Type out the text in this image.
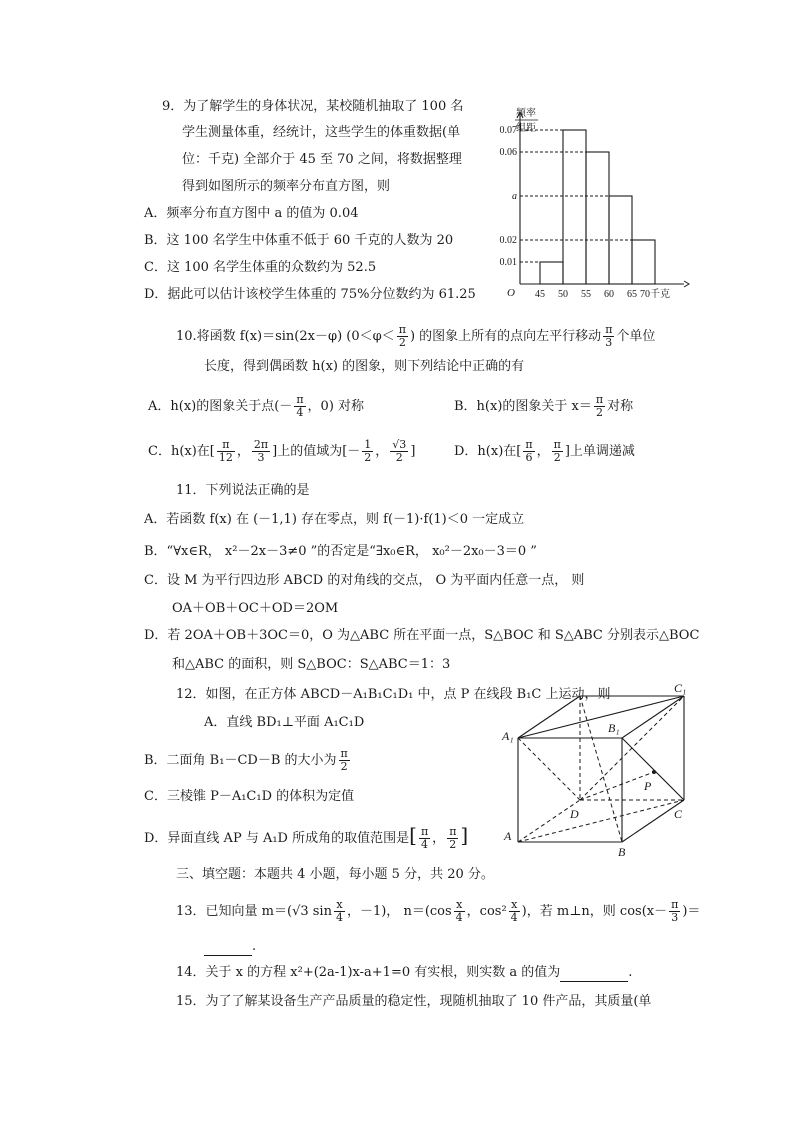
9．为了解学生的身体状况，某校随机抽取了 100 名
学生测量体重，经统计，这些学生的体重数据(单
位：千克) 全部介于 45 至 70 之间，将数据整理
得到如图所示的频率分布直方图，则
A．频率分布直方图中 a 的值为 0.04
B．这 100 名学生中体重不低于 60 千克的人数为 20
C．这 100 名学生体重的众数约为 52.5
D．据此可以估计该校学生体重的 75%分位数约为 61.25
频率
组距
0.01
0.07
0.06
a
0.02
45 50 55 60 65 70千克
O
10.将函数 f(x)＝sin(2x－φ) ($0<\varphi< \frac{\pi}{2}$ ) 的图象上所有的点向左平行移动 $\frac{\pi}{3}$ 个单位
长度，得到偶函数 h(x) 的图象，则下列结论中正确的有
A．h(x)的图象关于点(－ $\frac{\pi}{4}$ ，0) 对称	B．h(x)的图象关于 $x= \frac{\pi}{2}$ 对称
C．h(x)在[ $\frac{\pi}{12}$ ， $\frac{2\pi}{3}$ ]上的值域为[－ $\frac{1}{2}$ ， $\frac{√3}{2}$ ]	D．h(x)在[ $\frac{\pi}{6}$ ， $\frac{\pi}{2}$ ]上单调递减
11．下列说法正确的是
A．若函数 f(x) 在 (－1,1) 存在零点，则 f(－1)·f(1)＜0 一定成立
B．“∀x∈R， x²－2x－3≠0 ”的否定是“∃x₀∈R， x₀²－2x₀－3＝0 ”
C．设 M 为平行四边形 ABCD 的对角线的交点， O 为平面内任意一点， 则
OA＋OB＋OC＋OD＝2OM
D．若 2OA＋OB＋3OC＝0，O 为△ABC 所在平面一点，S△BOC 和 S△ABC 分别表示△BOC
和△ABC 的面积，则 S△BOC：S△ABC＝1：3
12．如图，在正方体 ABCD－A₁B₁C₁D₁ 中，点 P 在线段 B₁C 上运动，则
A．直线 BD₁⊥平面 A₁C₁D
B．二面角 B₁－CD－B 的大小为 $\frac{\pi}{2}$
C．三棱锥 P－A₁C₁D 的体积为定值
D．异面直线 AP 与 A₁D 所成角的取值范围是[ $\frac{\pi}{4}$ ， $\frac{\pi}{2}$ ]
A₁
B₁
C₁
A
B
C
D
P
三、填空题：本题共 4 小题，每小题 5 分，共 20 分。
13．已知向量 m＝(√3 $\sin \frac{x}{4}$ ，－1)， $n=(\cos \frac{x}{4}$ ，$\cos^2 \frac{x}{4}$ )，若 m⊥n，则 $\cos(x- \frac{\pi}{3}$ )＝
.
14．关于 x 的方程 x²+(2a-1)x-a+1=0 有实根，则实数 a 的值为	.
15．为了了解某设备生产产品质量的稳定性，现随机抽取了 10 件产品，其质量(单
